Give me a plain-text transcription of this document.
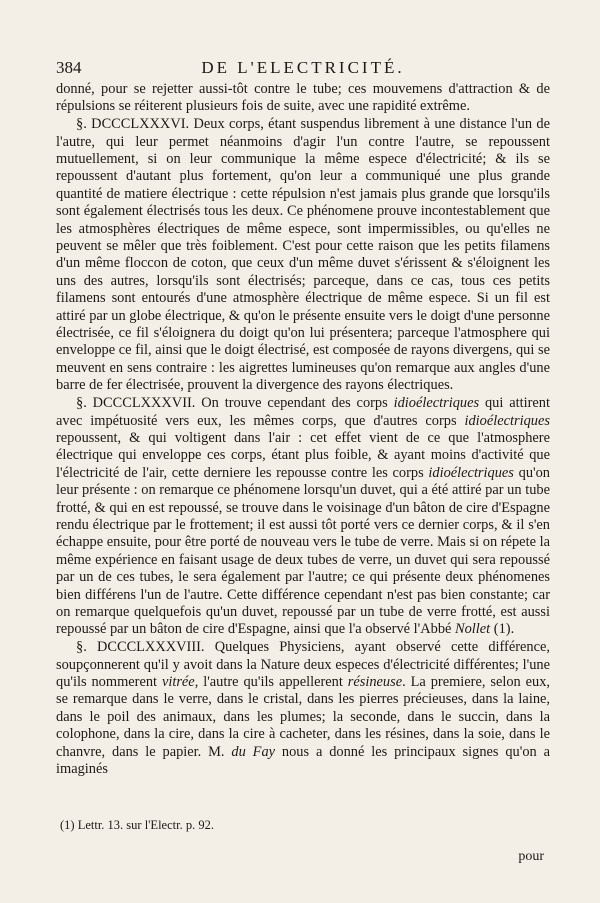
384	DE L'ELECTRICITÉ.

donné, pour se rejetter aussi-tôt contre le tube; ces mouvemens d'attraction & de répulsions se réiterent plusieurs fois de suite, avec une rapidité extrême.

§. DCCCLXXXVI. Deux corps, étant suspendus librement à une distance l'un de l'autre, qui leur permet néanmoins d'agir l'un contre l'autre, se repoussent mutuellement, si on leur communique la même espece d'électricité; & ils se repoussent d'autant plus fortement, qu'on leur a communiqué une plus grande quantité de matiere électrique : cette répulsion n'est jamais plus grande que lorsqu'ils sont également électrisés tous les deux. Ce phénomene prouve incontestablement que les atmosphères électriques de même espece, sont impermissibles, ou qu'elles ne peuvent se mêler que très foiblement. C'est pour cette raison que les petits filamens d'un même floccon de coton, que ceux d'un même duvet s'érissent & s'éloignent les uns des autres, lorsqu'ils sont électrisés; parceque, dans ce cas, tous ces petits filamens sont entourés d'une atmosphère électrique de même espece. Si un fil est attiré par un globe électrique, & qu'on le présente ensuite vers le doigt d'une personne électrisée, ce fil s'éloignera du doigt qu'on lui présentera; parceque l'atmosphere qui enveloppe ce fil, ainsi que le doigt électrisé, est composée de rayons divergens, qui se meuvent en sens contraire : les aigrettes lumineuses qu'on remarque aux angles d'une barre de fer électrisée, prouvent la divergence des rayons électriques.

§. DCCCLXXXVII. On trouve cependant des corps idioélectriques qui attirent avec impétuosité vers eux, les mêmes corps, que d'autres corps idioélectriques repoussent, & qui voltigent dans l'air : cet effet vient de ce que l'atmosphere électrique qui enveloppe ces corps, étant plus foible, & ayant moins d'activité que l'électricité de l'air, cette derniere les repousse contre les corps idioélectriques qu'on leur présente : on remarque ce phénomene lorsqu'un duvet, qui a été attiré par un tube frotté, & qui en est repoussé, se trouve dans le voisinage d'un bâton de cire d'Espagne rendu électrique par le frottement; il est aussi tôt porté vers ce dernier corps, & il s'en échappe ensuite, pour être porté de nouveau vers le tube de verre. Mais si on répete la même expérience en faisant usage de deux tubes de verre, un duvet qui sera repoussé par un de ces tubes, le sera également par l'autre; ce qui présente deux phénomenes bien différens l'un de l'autre. Cette différence cependant n'est pas bien constante; car on remarque quelquefois qu'un duvet, repoussé par un tube de verre frotté, est aussi repoussé par un bâton de cire d'Espagne, ainsi que l'a observé l'Abbé Nollet (1).

§. DCCCLXXXVIII. Quelques Physiciens, ayant observé cette différence, soupçonnerent qu'il y avoit dans la Nature deux especes d'électricité différentes; l'une qu'ils nommerent vitrée, l'autre qu'ils appellerent résineuse. La premiere, selon eux, se remarque dans le verre, dans le cristal, dans les pierres précieuses, dans la laine, dans le poil des animaux, dans les plumes; la seconde, dans le succin, dans la colophone, dans la cire, dans la cire à cacheter, dans les résines, dans la soie, dans le chanvre, dans le papier. M. du Fay nous a donné les principaux signes qu'on a imaginés

(1) Lettr. 13. sur l'Electr. p. 92.
pour
